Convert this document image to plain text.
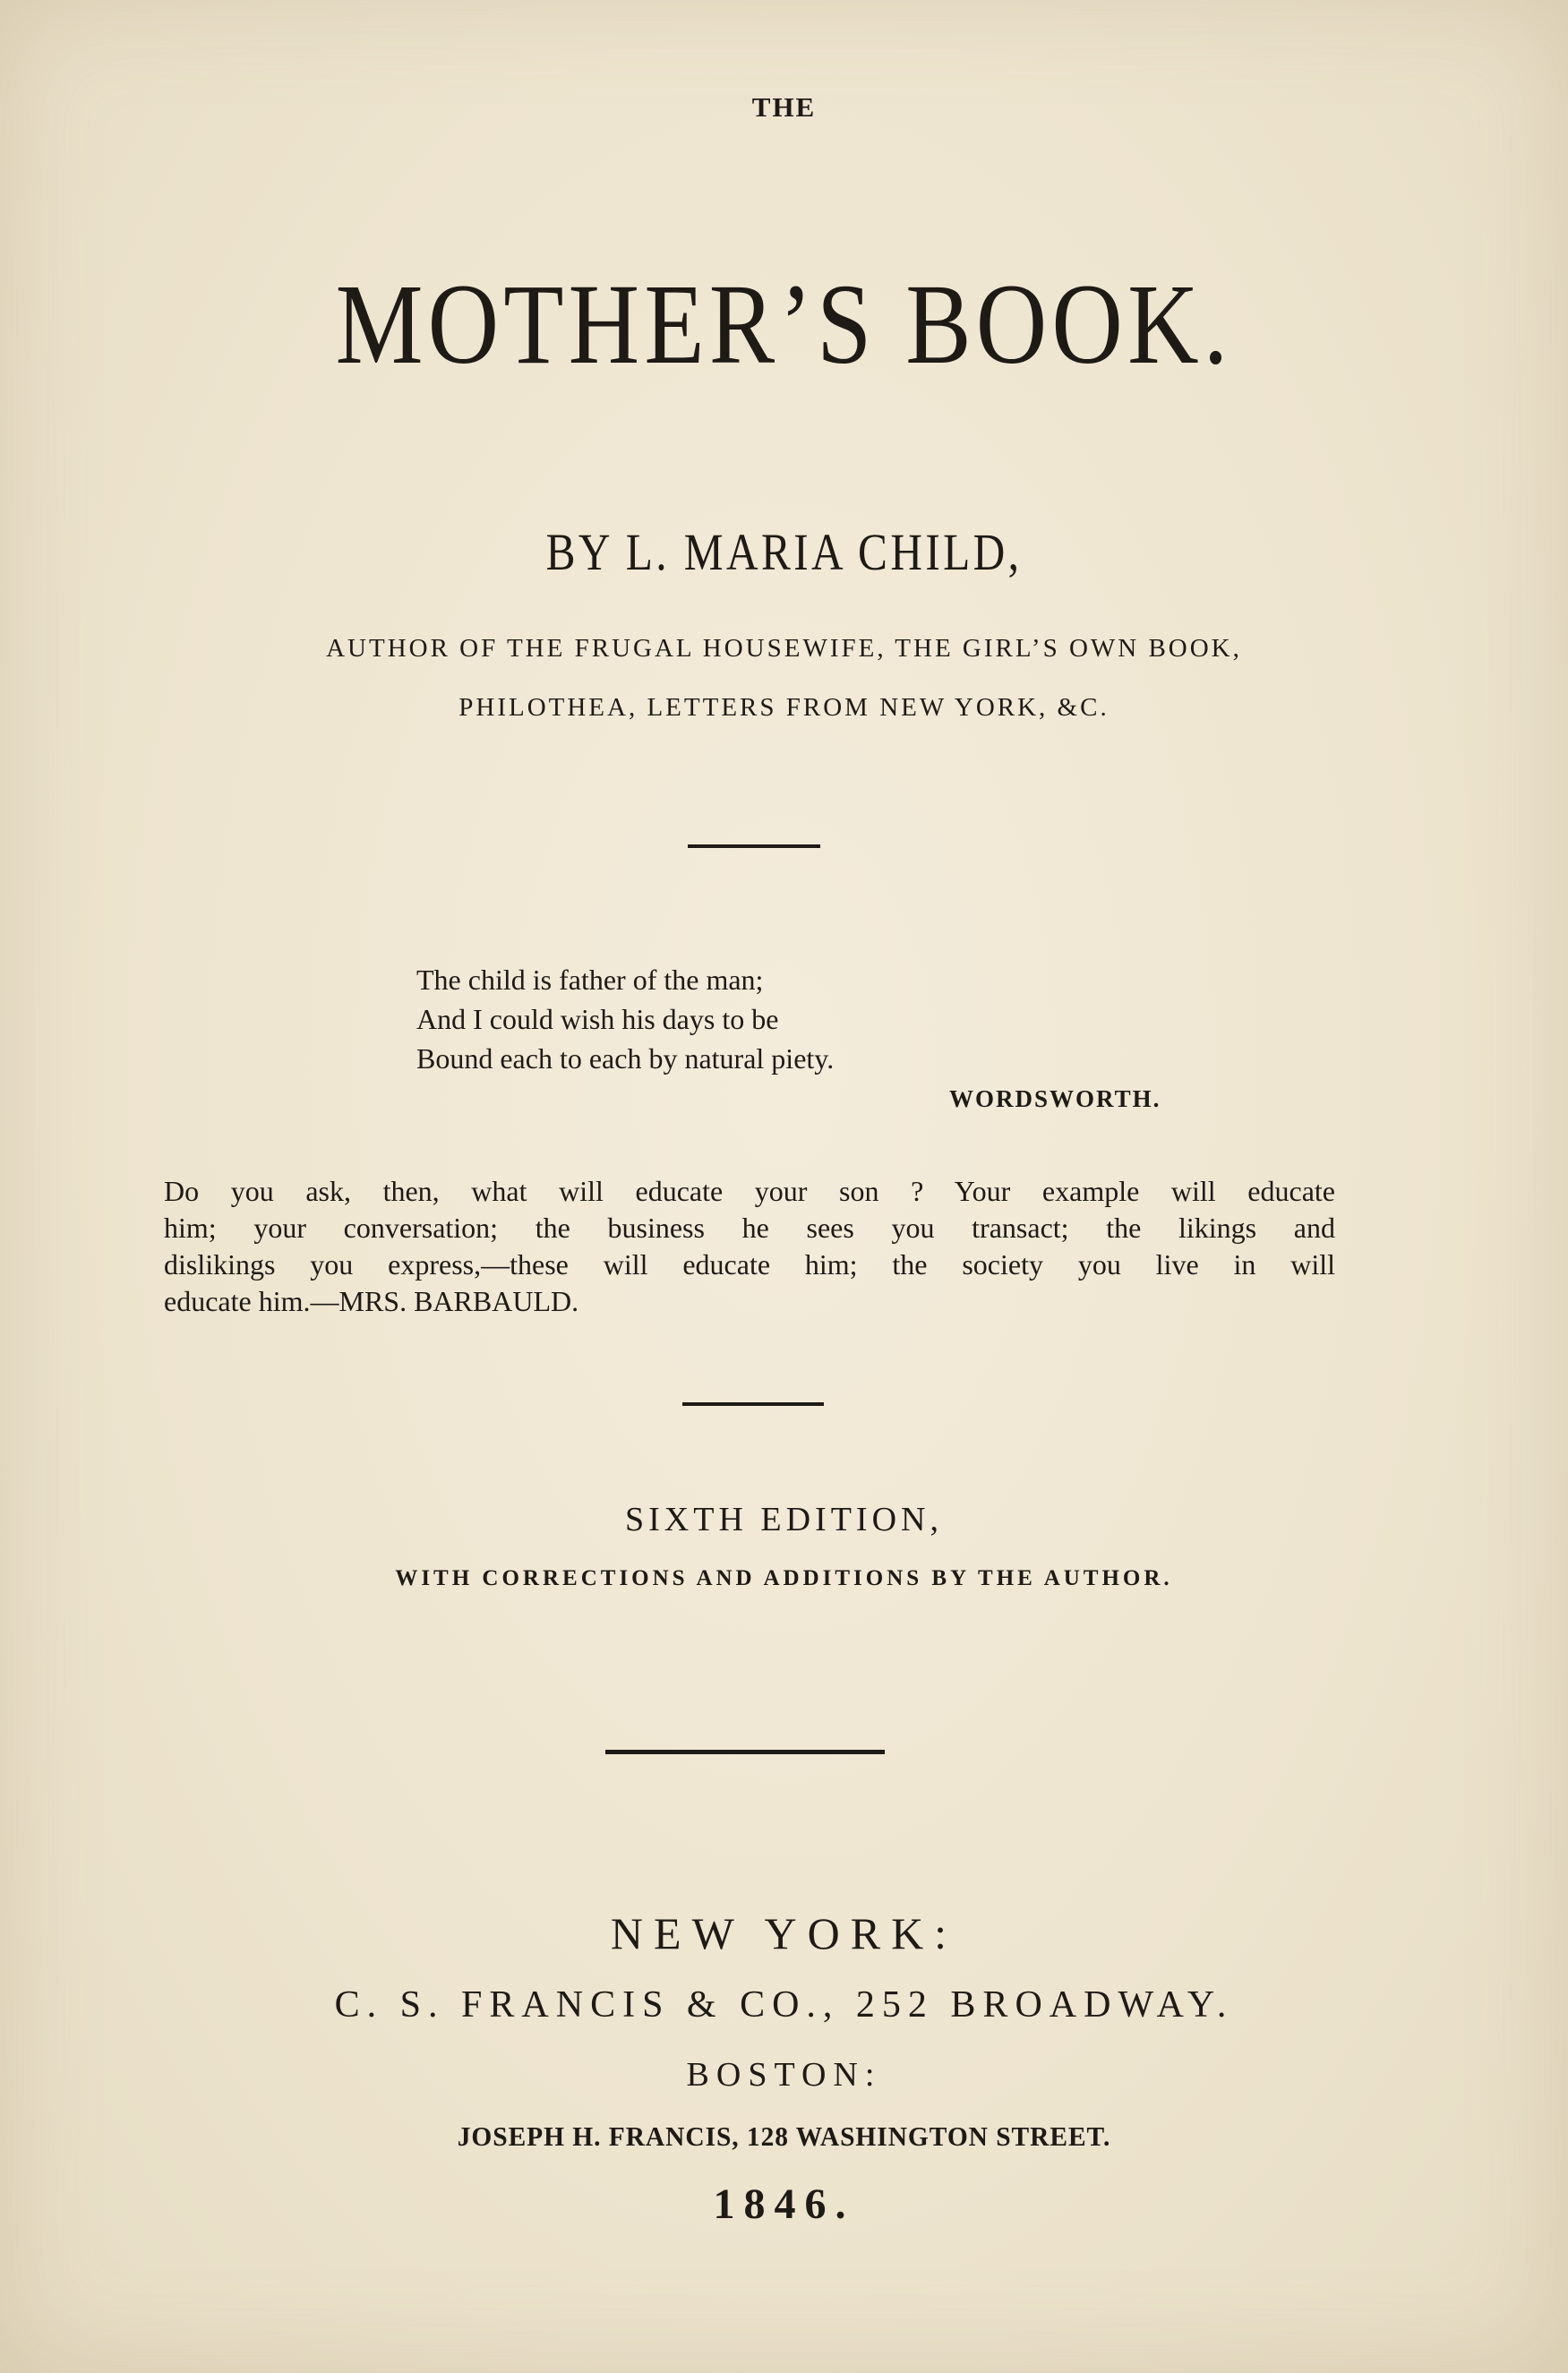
THE
MOTHER’S BOOK.
BY L. MARIA CHILD,
AUTHOR OF THE FRUGAL HOUSEWIFE, THE GIRL’S OWN BOOK,
PHILOTHEA, LETTERS FROM NEW YORK, &C.
The child is father of the man;
And I could wish his days to be
Bound each to each by natural piety.
WORDSWORTH.
Do you ask, then, what will educate your son ? Your example will educate
him; your conversation; the business he sees you transact; the likings and
dislikings you express,—these will educate him; the society you live in will
educate him.—MRS. BARBAULD.
SIXTH EDITION,
WITH CORRECTIONS AND ADDITIONS BY THE AUTHOR.
NEW YORK:
C. S. FRANCIS & CO., 252 BROADWAY.
BOSTON:
JOSEPH H. FRANCIS, 128 WASHINGTON STREET.
1846.
